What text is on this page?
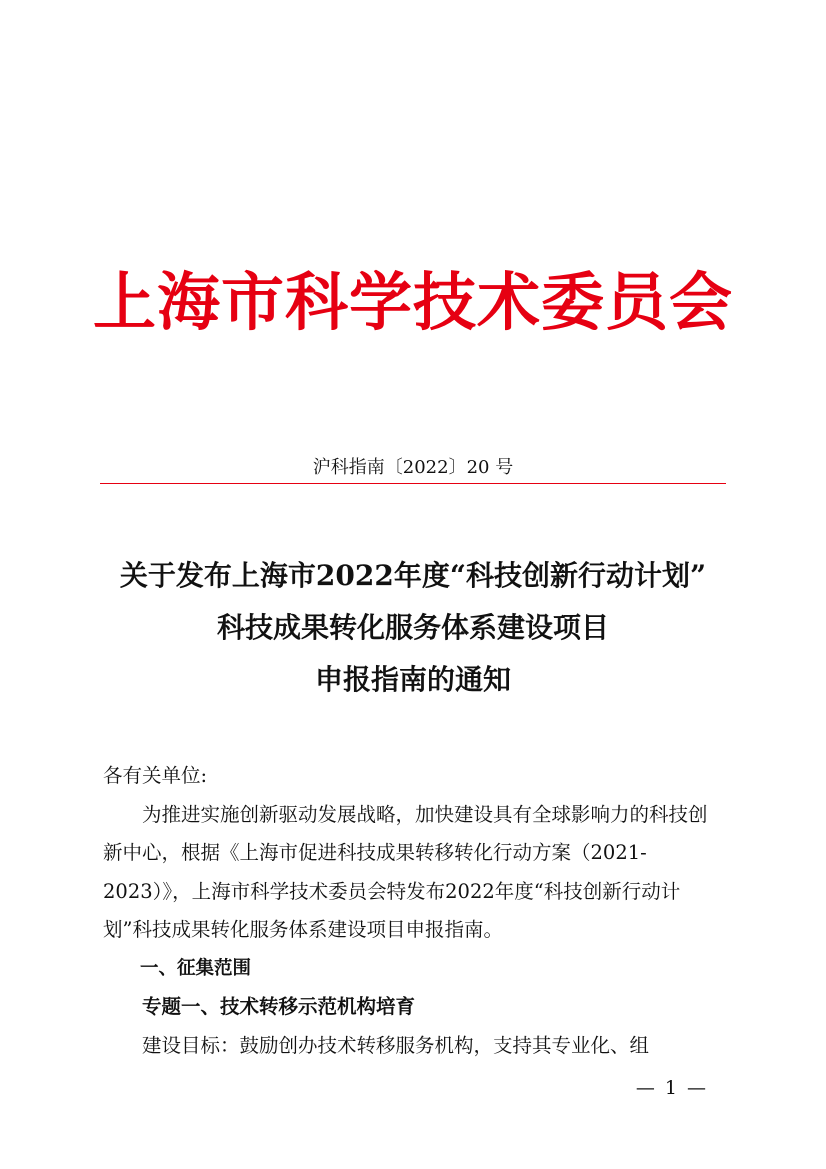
上海市科学技术委员会
沪科指南〔2022〕20 号
关于发布上海市2022年度“科技创新行动计划”
科技成果转化服务体系建设项目
申报指南的通知

各有关单位:

为推进实施创新驱动发展战略，加快建设具有全球影响力的科技创新中心，根据《上海市促进科技成果转移转化行动方案（2021-2023）》，上海市科学技术委员会特发布2022年度“科技创新行动计划”科技成果转化服务体系建设项目申报指南。

一、征集范围

专题一、技术转移示范机构培育

建设目标：鼓励创办技术转移服务机构，支持其专业化、组

— 1 —
